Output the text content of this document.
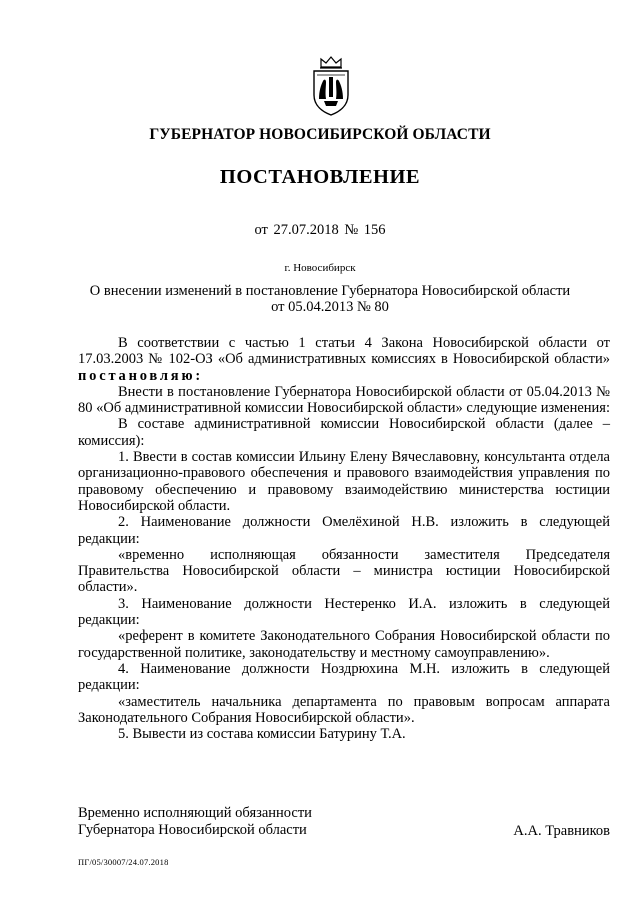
ГУБЕРНАТОР НОВОСИБИРСКОЙ ОБЛАСТИ
ПОСТАНОВЛЕНИЕ
от 27.07.2018 № 156
г. Новосибирск
О внесении изменений в постановление Губернатора Новосибирской области
от 05.04.2013 № 80

В соответствии с частью 1 статьи 4 Закона Новосибирской области от 17.03.2003 № 102-ОЗ «Об административных комиссиях в Новосибирской области» постановляю:

Внести в постановление Губернатора Новосибирской области от 05.04.2013 № 80 «Об административной комиссии Новосибирской области» следующие изменения:

В составе административной комиссии Новосибирской области (далее – комиссия):

1. Ввести в состав комиссии Ильину Елену Вячеславовну, консультанта отдела организационно-правового обеспечения и правового взаимодействия управления по правовому обеспечению и правовому взаимодействию министерства юстиции Новосибирской области.

2. Наименование должности Омелёхиной Н.В. изложить в следующей редакции:

«временно исполняющая обязанности заместителя Председателя Правительства Новосибирской области – министра юстиции Новосибирской области».

3. Наименование должности Нестеренко И.А. изложить в следующей редакции:

«референт в комитете Законодательного Собрания Новосибирской области по государственной политике, законодательству и местному самоуправлению».

4. Наименование должности Ноздрюхина М.Н. изложить в следующей редакции:

«заместитель начальника департамента по правовым вопросам аппарата Законодательного Собрания Новосибирской области».

5. Вывести из состава комиссии Батурину Т.А.

Временно исполняющий обязанности
Губернатора Новосибирской области	А.А. Травников
ПГ/05/30007/24.07.2018
